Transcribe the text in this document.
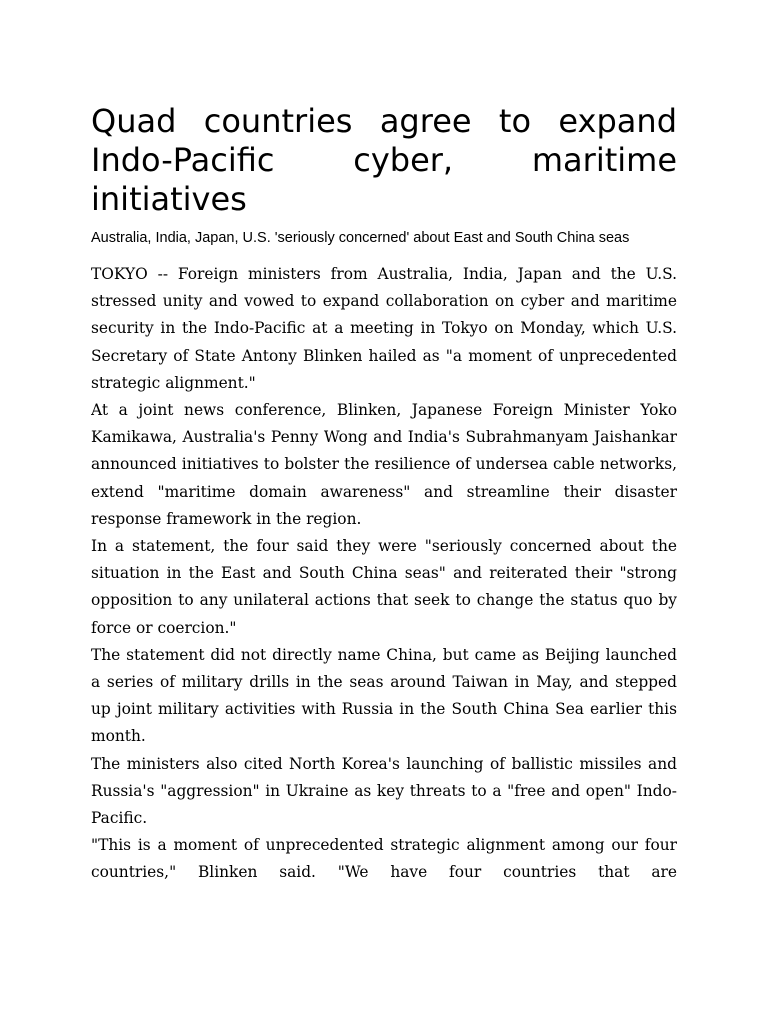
Quad countries agree to expand Indo-Pacific cyber, maritime initiatives

Australia, India, Japan, U.S. 'seriously concerned' about East and South China seas

TOKYO -- Foreign ministers from Australia, India, Japan and the U.S. stressed unity and vowed to expand collaboration on cyber and maritime security in the Indo-Pacific at a meeting in Tokyo on Monday, which U.S. Secretary of State Antony Blinken hailed as "a moment of unprecedented strategic alignment."

At a joint news conference, Blinken, Japanese Foreign Minister Yoko Kamikawa, Australia's Penny Wong and India's Subrahmanyam Jaishankar announced initiatives to bolster the resilience of undersea cable networks, extend "maritime domain awareness" and streamline their disaster response framework in the region.

In a statement, the four said they were "seriously concerned about the situation in the East and South China seas" and reiterated their "strong opposition to any unilateral actions that seek to change the status quo by force or coercion."

The statement did not directly name China, but came as Beijing launched a series of military drills in the seas around Taiwan in May, and stepped up joint military activities with Russia in the South China Sea earlier this month.

The ministers also cited North Korea's launching of ballistic missiles and Russia's "aggression" in Ukraine as key threats to a "free and open" Indo-Pacific.

"This is a moment of unprecedented strategic alignment among our four countries," Blinken said. "We have four countries that are
